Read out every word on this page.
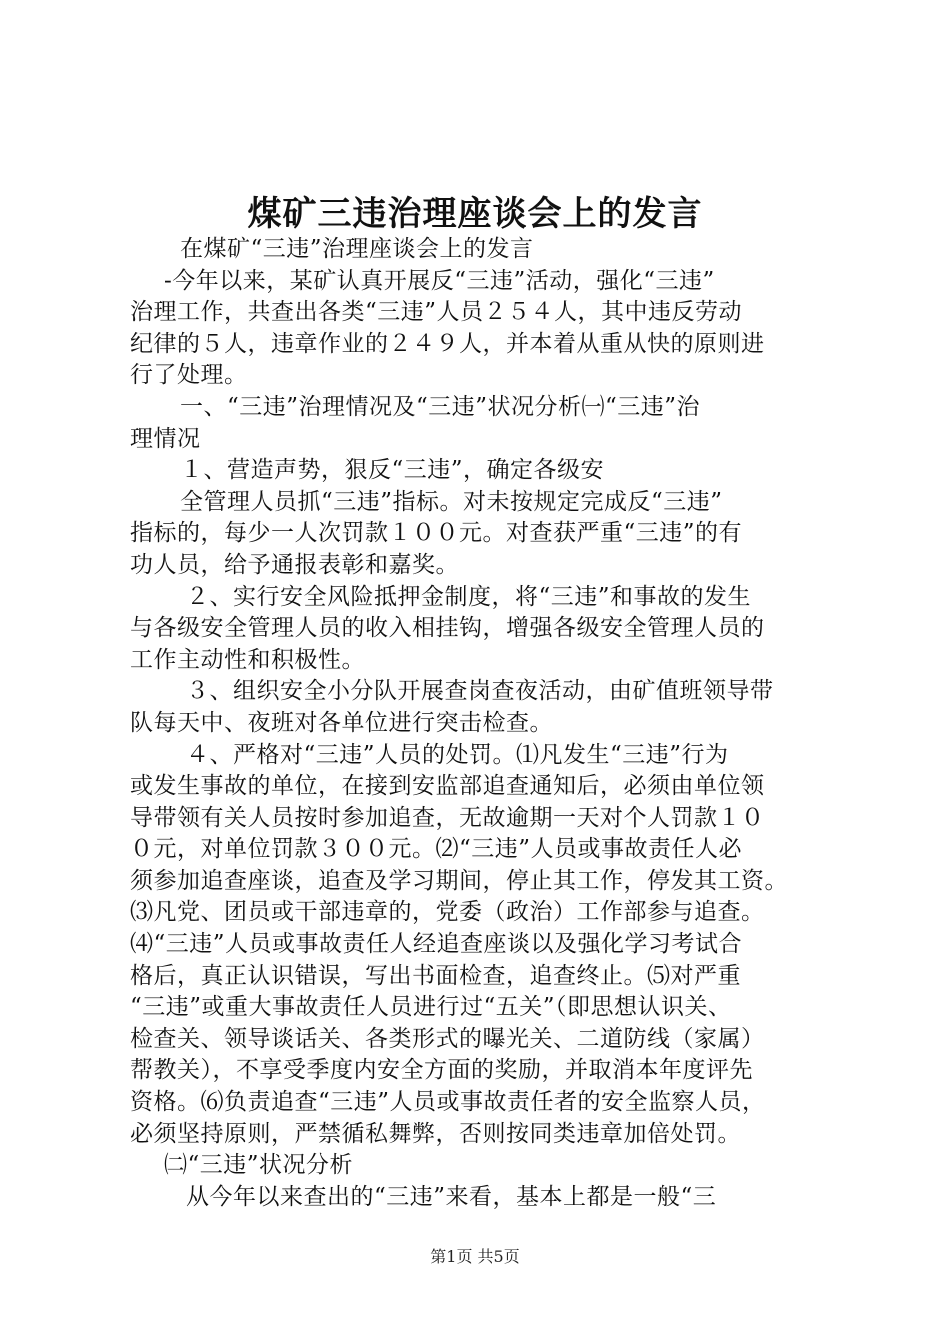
煤矿三违治理座谈会上的发言
在煤矿“三违”治理座谈会上的发言
-今年以来，某矿认真开展反“三违”活动，强化“三违”
治理工作，共查出各类“三违”人员２５４人，其中违反劳动
纪律的５人，违章作业的２４９人，并本着从重从快的原则进
行了处理。
一、“三违”治理情况及“三违”状况分析㈠“三违”治
理情况
１、营造声势，狠反“三违”，确定各级安
全管理人员抓“三违”指标。对未按规定完成反“三违”
指标的，每少一人次罚款１００元。对查获严重“三违”的有
功人员，给予通报表彰和嘉奖。
２、实行安全风险抵押金制度，将“三违”和事故的发生
与各级安全管理人员的收入相挂钩，增强各级安全管理人员的
工作主动性和积极性。
３、组织安全小分队开展查岗查夜活动，由矿值班领导带
队每天中、夜班对各单位进行突击检查。
４、严格对“三违”人员的处罚。⑴凡发生“三违”行为
或发生事故的单位，在接到安监部追查通知后，必须由单位领
导带领有关人员按时参加追查，无故逾期一天对个人罚款１０
０元，对单位罚款３００元。⑵“三违”人员或事故责任人必
须参加追查座谈，追查及学习期间，停止其工作，停发其工资。
⑶凡党、团员或干部违章的，党委（政治）工作部参与追查。
⑷“三违”人员或事故责任人经追查座谈以及强化学习考试合
格后，真正认识错误，写出书面检查，追查终止。⑸对严重
“三违”或重大事故责任人员进行过“五关”（即思想认识关、
检查关、领导谈话关、各类形式的曝光关、二道防线（家属）
帮教关），不享受季度内安全方面的奖励，并取消本年度评先
资格。⑹负责追查“三违”人员或事故责任者的安全监察人员，
必须坚持原则，严禁循私舞弊，否则按同类违章加倍处罚。
㈡“三违”状况分析
从今年以来查出的“三违”来看，基本上都是一般“三
第1页 共5页
